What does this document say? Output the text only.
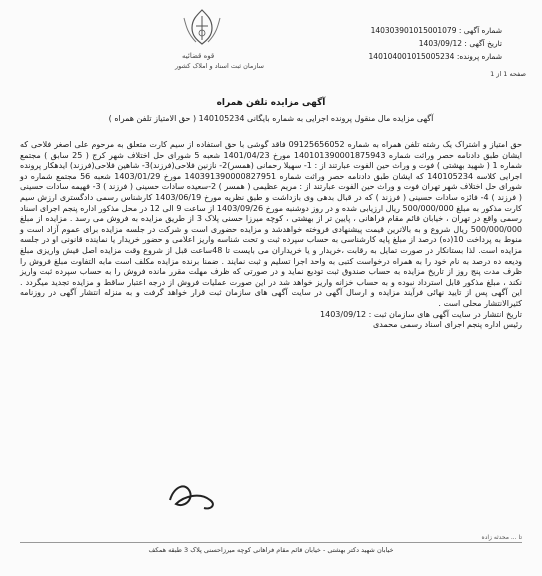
قوه قضائیه
سازمان ثبت اسناد و املاک کشور
شماره آگهی : 140303901015001079
تاریخ آگهی : 1403/09/12
شماره پرونده: 140104001015005234
صفحه 1 از 1
آگهی مزایده تلفن همراه
آگهی مزایده مال منقول پرونده اجرایی به شماره بایگانی 140105234 ( حق الامتیاز تلفن همراه )

حق امتیاز و اشتراک یک رشته تلفن همراه به شماره 09125656052 فاقد گوشی با حق استفاده از سیم کارت متعلق به مرحوم علی اصغر فلاحی که ایشان طبق دادنامه حصر وراثت شماره 140101390001875943 مورخ 1401/04/23 شعبه 5 شورای حل اختلاف شهر کرج ( 25 سابق ) مجتمع شماره 1 ( شهید بهشتی ) فوت و وراث حین الفوت عبارتند از : 1- سهیلا رحمانی (همسر)2- نازنین فلاحی(فرزند)3- شاهین فلاحی(فرزند) ایدهکار پرونده اجرایی کلاسه 140105234 که ایشان طبق دادنامه حصر وراثت شماره 140391390000827951 مورخ 1403/01/29 شعبه 56 مجتمع شماره دو شورای حل اختلاف شهر تهران فوت و وراث حین الفوت عبارتند از : مریم عظیمی ( همسر ) 2-سعیده سادات حسینی ( فرزند ) 3- فهیمه سادات حسینی ( فرزند ) 4- فائزه سادات حسینی ( فرزند ) که در قبال بدهی وی بازداشت و طبق نظریه مورخ 1403/06/19 کارشناس رسمی دادگستری ارزش سیم کارت مذکور به مبلغ 500/000/000 ریال ارزیابی شده و در روز دوشنبه مورخ 1403/09/26 از ساعت 9 الی 12 در محل مذکور اداره پنجم اجرای اسناد رسمی واقع در تهران ، خیابان قائم مقام فراهانی ، پایین تر از بهشتی ، کوچه میرزا حسنی پلاک 3 از طریق مزایده به فروش می رسد . مزایده از مبلغ 500/000/000 ریال شروع و به بالاترین قیمت پیشنهادی فروخته خواهدشد و مزایده حضوری است و شرکت در جلسه مزایده برای عموم آزاد است و منوط به پرداخت 10(ده) درصد از مبلغ پایه کارشناسی به حساب سپرده ثبت و تحت شناسه واریز اعلامی و حضور خریدار یا نماینده قانونی او در جلسه مزایده است. لذا بستانکار در صورت تمایل به رقابت ،خریدار و یا خریداران می بایست تا 48ساعت قبل از شروع وقت مزایده اصل فیش واریزی مبلغ ودیعه ده درصد به نام خود را به همراه درخواست کتبی به واحد اجرا تسلیم و ثبت نمایند . ضمنا برنده مزایده مکلف است مابه التفاوت مبلغ فروش را ظرف مدت پنج روز از تاریخ مزایده به حساب صندوق ثبت تودیع نماید و در صورتی که ظرف مهلت مقرر مانده فروش را به حساب سپرده ثبت واریز نکند ، مبلغ مذکور قابل استرداد نبوده و به حساب خزانه واریز خواهد شد در این صورت عملیات فروش از درجه اعتبار ساقط و مزایده تجدید میگردد . این آگهی پس از تایید نهائی فرآیند مزایده و ارسال آگهی در سایت آگهی های سازمان ثبت قرار خواهد گرفت و به منزله انتشار آگهی در روزنامه کثیرالانتشار محلی است .

تاریخ انتشار در سایت آگهی های سازمان ثبت : 1403/09/12

رئیس اداره پنجم اجرای اسناد رسمی محمدی

تا ... محدثه زاده
خیابان شهید دکتر بهشتی - خیابان قائم مقام فراهانی کوچه میرزاحسنی پلاک 3 طبقه همکف
